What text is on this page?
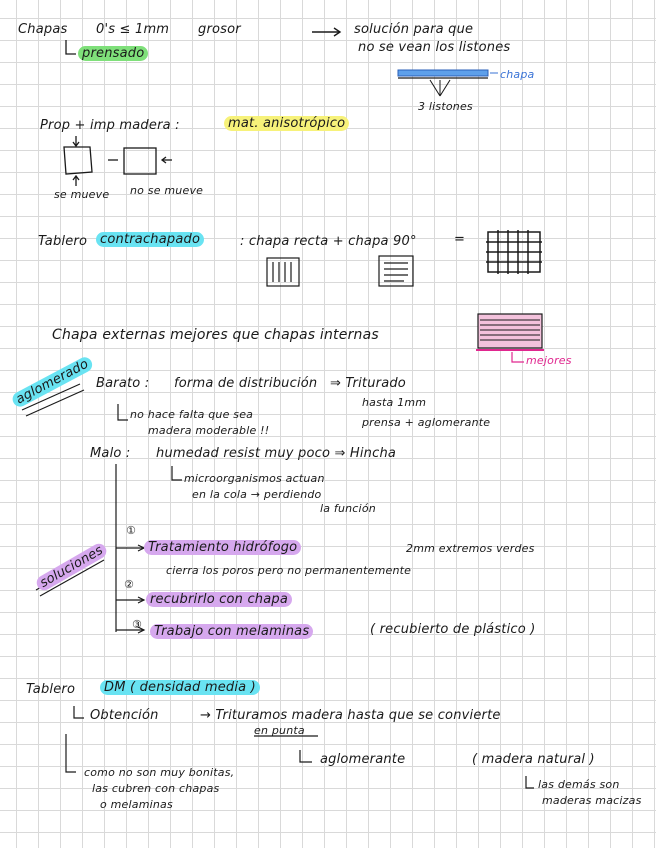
Chapas 0's ≤ 1mm grosor	solución para que
no se vean los listones
prensado
chapa
3 listones
Prop + imp madera :	mat. anisotrópico
se mueve no se mueve
Tablero contrachapado	: chapa recta + chapa 90°	=
Chapa externas mejores que chapas internas
mejores
aglomerado Barato : forma de distribución ⇒ Triturado
hasta 1mm
prensa + aglomerante
no hace falta que sea
madera moderable !!
Malo : humedad resist muy poco ⇒ Hincha
microorganismos actuan
en la cola → perdiendo
la función
soluciones
①
Tratamiento hidrófogo	2mm extremos verdes
cierra los poros pero no permanentemente
②
recubrirlo con chapa
③ Trabajo con melaminas	( recubierto de plástico )
Tablero	DM ( densidad media )
Obtención	→ Trituramos madera hasta que se convierte
en punta
aglomerante	( madera natural )
como no son muy bonitas,
las cubren con chapas
o melaminas
las demás son
maderas macizas
